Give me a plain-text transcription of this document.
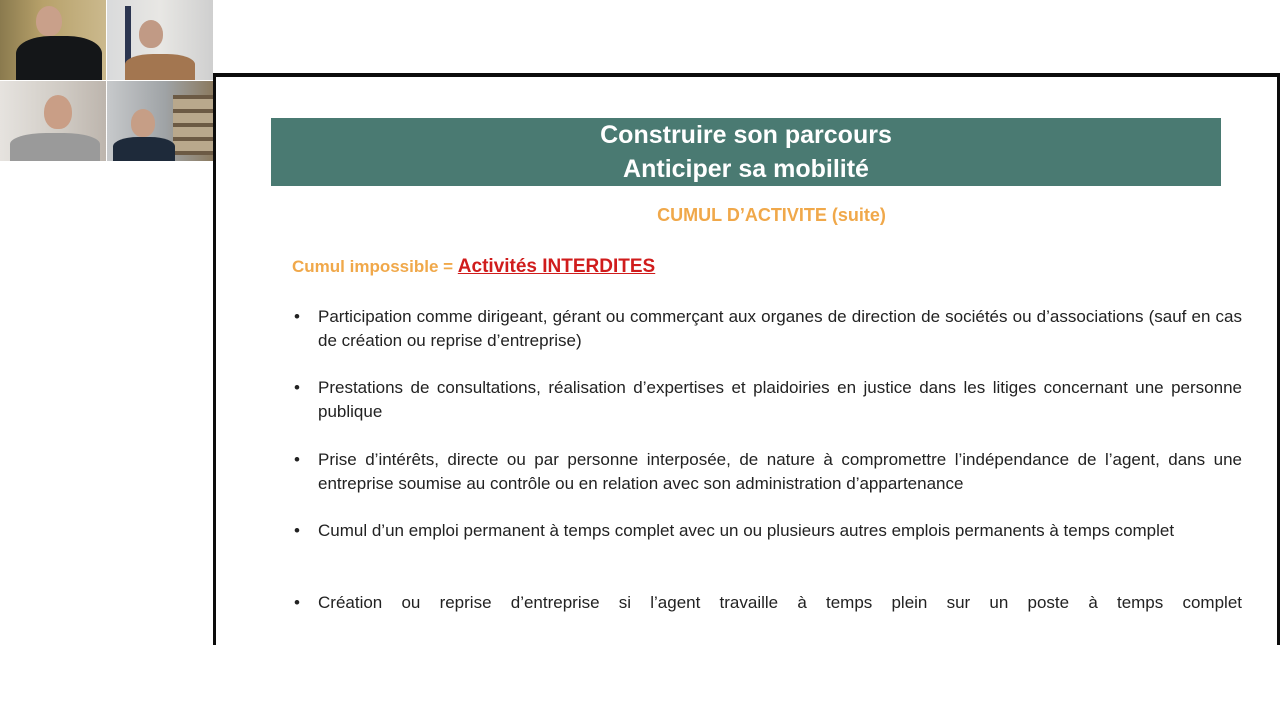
Construire son parcours
Anticiper sa mobilité
CUMUL D’ACTIVITE (suite)
Cumul impossible = Activités INTERDITES
• Participation comme dirigeant, gérant ou commerçant aux organes de direction de sociétés ou d’associations (sauf en cas de création ou reprise d’entreprise)
• Prestations de consultations, réalisation d’expertises et plaidoiries en justice dans les litiges concernant une personne publique
• Prise d’intérêts, directe ou par personne interposée, de nature à compromettre l’indépendance de l’agent, dans une entreprise soumise au contrôle ou en relation avec son administration d’appartenance
• Cumul d’un emploi permanent à temps complet avec un ou plusieurs autres emplois permanents à temps complet
• Création ou reprise d’entreprise si l’agent travaille à temps plein sur un poste à temps complet
